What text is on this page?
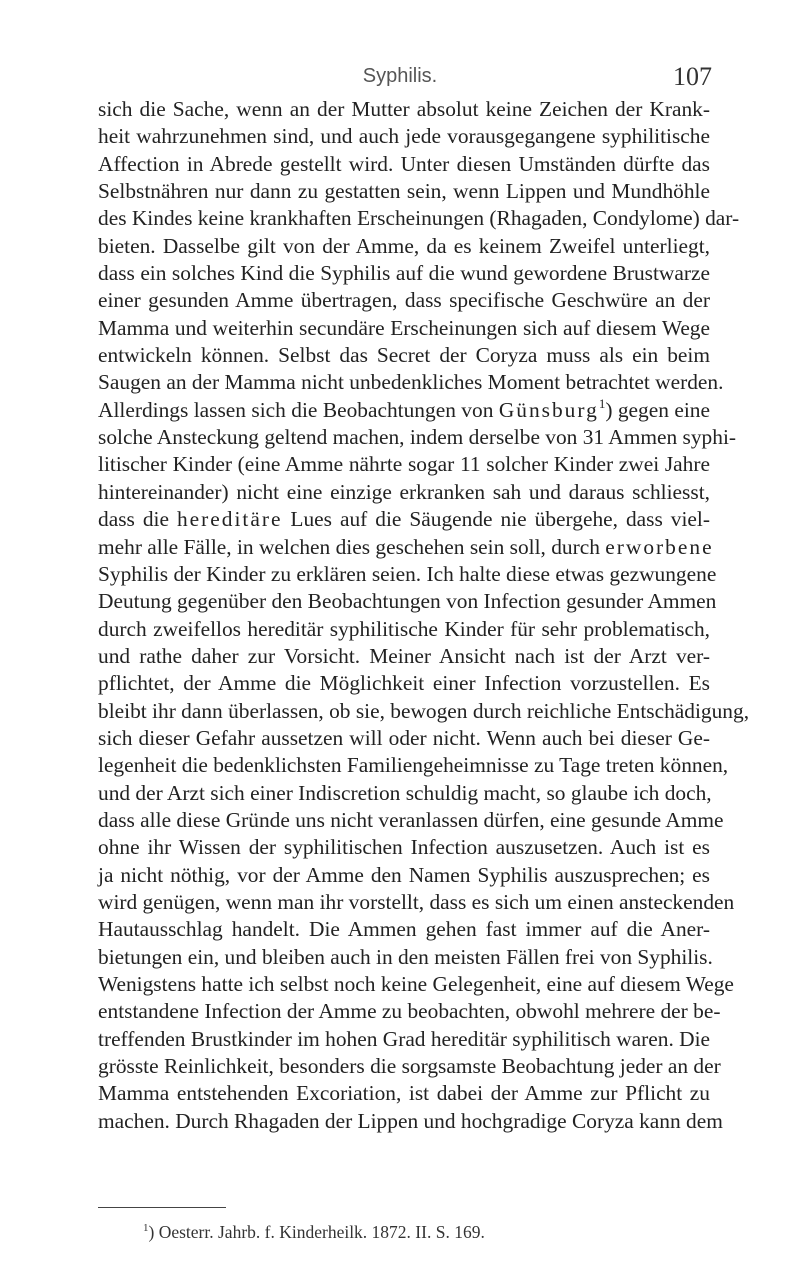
Syphilis.	107
sich die Sache, wenn an der Mutter absolut keine Zeichen der Krank-
heit wahrzunehmen sind, und auch jede vorausgegangene syphilitische
Affection in Abrede gestellt wird. Unter diesen Umständen dürfte das
Selbstnähren nur dann zu gestatten sein, wenn Lippen und Mundhöhle
des Kindes keine krankhaften Erscheinungen (Rhagaden, Condylome) dar-
bieten. Dasselbe gilt von der Amme, da es keinem Zweifel unterliegt,
dass ein solches Kind die Syphilis auf die wund gewordene Brustwarze
einer gesunden Amme übertragen, dass specifische Geschwüre an der
Mamma und weiterhin secundäre Erscheinungen sich auf diesem Wege
entwickeln können. Selbst das Secret der Coryza muss als ein beim
Saugen an der Mamma nicht unbedenkliches Moment betrachtet werden.
Allerdings lassen sich die Beobachtungen von Günsburg$^1$) gegen eine
solche Ansteckung geltend machen, indem derselbe von 31 Ammen syphi-
litischer Kinder (eine Amme nährte sogar 11 solcher Kinder zwei Jahre
hintereinander) nicht eine einzige erkranken sah und daraus schliesst,
dass die hereditäre Lues auf die Säugende nie übergehe, dass viel-
mehr alle Fälle, in welchen dies geschehen sein soll, durch erworbene
Syphilis der Kinder zu erklären seien. Ich halte diese etwas gezwungene
Deutung gegenüber den Beobachtungen von Infection gesunder Ammen
durch zweifellos hereditär syphilitische Kinder für sehr problematisch,
und rathe daher zur Vorsicht. Meiner Ansicht nach ist der Arzt ver-
pflichtet, der Amme die Möglichkeit einer Infection vorzustellen. Es
bleibt ihr dann überlassen, ob sie, bewogen durch reichliche Entschädigung,
sich dieser Gefahr aussetzen will oder nicht. Wenn auch bei dieser Ge-
legenheit die bedenklichsten Familiengeheimnisse zu Tage treten können,
und der Arzt sich einer Indiscretion schuldig macht, so glaube ich doch,
dass alle diese Gründe uns nicht veranlassen dürfen, eine gesunde Amme
ohne ihr Wissen der syphilitischen Infection auszusetzen. Auch ist es
ja nicht nöthig, vor der Amme den Namen Syphilis auszusprechen; es
wird genügen, wenn man ihr vorstellt, dass es sich um einen ansteckenden
Hautausschlag handelt. Die Ammen gehen fast immer auf die Aner-
bietungen ein, und bleiben auch in den meisten Fällen frei von Syphilis.
Wenigstens hatte ich selbst noch keine Gelegenheit, eine auf diesem Wege
entstandene Infection der Amme zu beobachten, obwohl mehrere der be-
treffenden Brustkinder im hohen Grad hereditär syphilitisch waren. Die
grösste Reinlichkeit, besonders die sorgsamste Beobachtung jeder an der
Mamma entstehenden Excoriation, ist dabei der Amme zur Pflicht zu
machen. Durch Rhagaden der Lippen und hochgradige Coryza kann dem
$^1$) Oesterr. Jahrb. f. Kinderheilk. 1872. II. S. 169.
